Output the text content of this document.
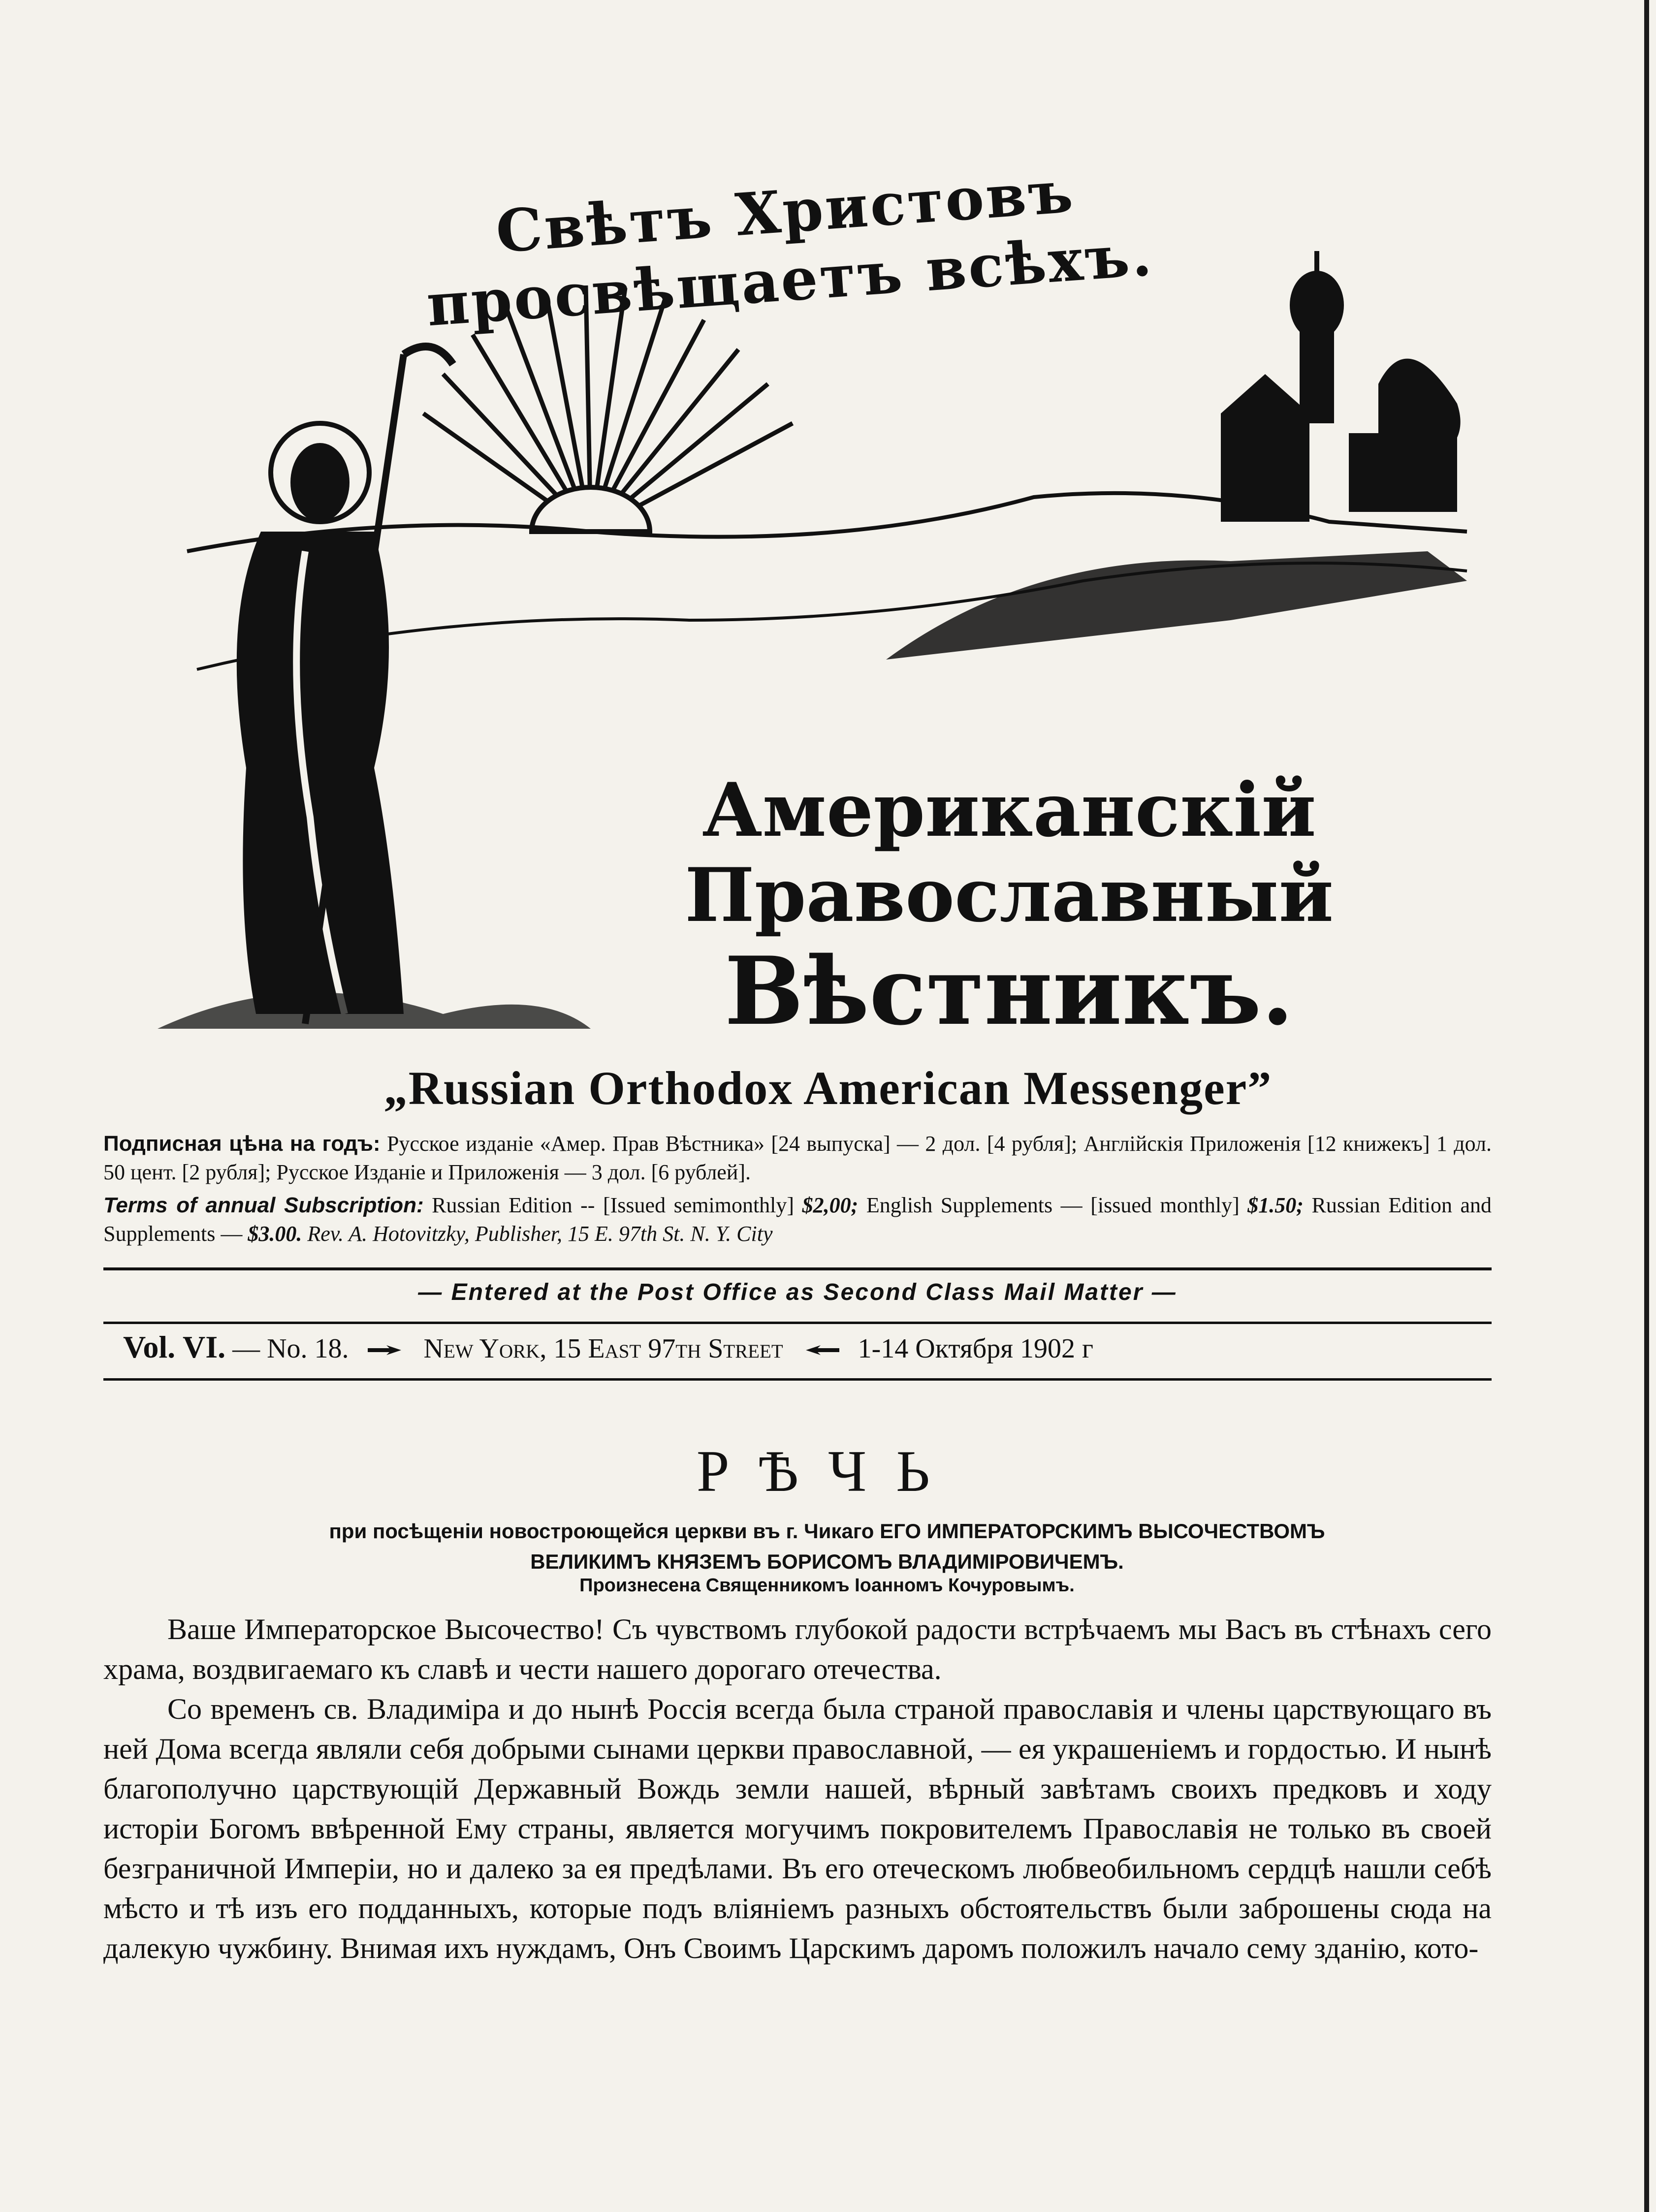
Свѣтъ Христовъ просвѣщаетъ всѣхъ.
Американскій Православный
Вѣстникъ.
„Russian Orthodox American Messenger”
Подписная цѣна на годъ: Русское изданіе «Амер. Прав Вѣстника» [24 выпуска] — 2 дол. [4 рубля]; Англійскія Приложенія [12 книжекъ] 1 дол. 50 цент. [2 рубля]; Русское Изданіе и Приложенія — 3 дол. [6 рублей].
Terms of annual Subscription: Russian Edition -- [Issued semimonthly] $2,00; English Supplements — [issued monthly] $1.50; Russian Edition and Supplements — $3.00. Rev. A. Hotovitzky, Publisher, 15 E. 97th St. N. Y. City
— Entered at the Post Office as Second Class Mail Matter —
Vol. VI. — No. 18.	New York, 15 East 97th Street	1-14 Октября 1902 г
РѢЧЬ
при посѣщеніи новостроющейся церкви въ г. Чикаго ЕГО ИМПЕРАТОРСКИМЪ ВЫСОЧЕСТВОМЪ
ВЕЛИКИМЪ КНЯЗЕМЪ БОРИСОМЪ ВЛАДИМІРОВИЧЕМЪ.
Произнесена Священникомъ Іоанномъ Кочуровымъ.

Ваше Императорское Высочество! Съ чувствомъ глубокой радости встрѣчаемъ мы Васъ въ стѣнахъ сего храма, воздвигаемаго къ славѣ и чести нашего дорогаго отечества.

Со временъ св. Владиміра и до нынѣ Россія всегда была страной православія и члены царствующаго въ ней Дома всегда являли себя добрыми сынами церкви православной, — ея украшеніемъ и гордостью. И нынѣ благополучно царствующій Державный Вождь земли нашей, вѣрный завѣтамъ своихъ предковъ и ходу исторіи Богомъ ввѣренной Ему страны, является могучимъ покровителемъ Православія не только въ своей безграничной Имперіи, но и далеко за ея предѣлами. Въ его отеческомъ любвеобильномъ сердцѣ нашли себѣ мѣсто и тѣ изъ его подданныхъ, которые подъ вліяніемъ разныхъ обстоятельствъ были заброшены сюда на далекую чужбину. Внимая ихъ нуждамъ, Онъ Своимъ Царскимъ даромъ положилъ начало сему зданію, кото-
